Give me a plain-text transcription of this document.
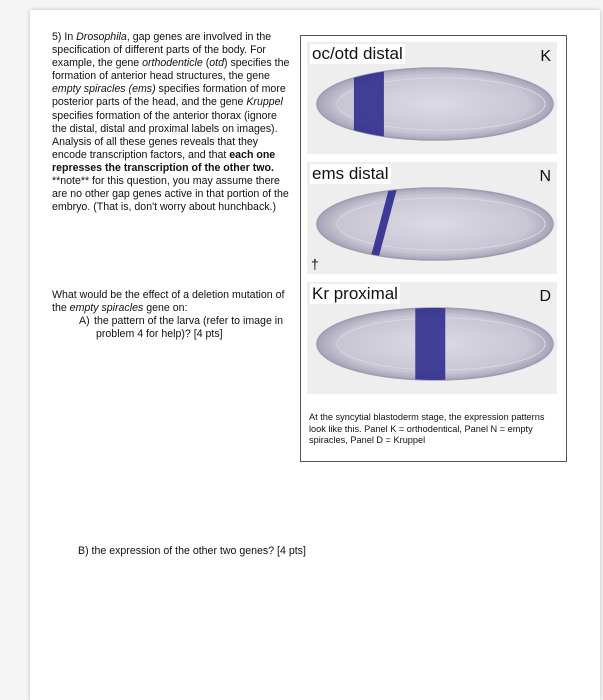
5) In Drosophila, gap genes are involved in the specification of different parts of the body. For example, the gene orthodenticle (otd) specifies the formation of anterior head structures, the gene empty spiracles (ems) specifies formation of more posterior parts of the head, and the gene Kruppel specifies formation of the anterior thorax (ignore the distal, distal and proximal labels on images). Analysis of all these genes reveals that they encode transcription factors, and that each one represses the transcription of the other two.
**note** for this question, you may assume there are no other gap genes active in that portion of the embryo. (That is, don't worry about hunchback.)
What would be the effect of a deletion mutation of the empty spiracles gene on:
A) the pattern of the larva (refer to image in problem 4 for help)? [4 pts]
B) the expression of the other two genes? [4 pts]
oc/otd distal	K
ems distal	N
Kr proximal	D
At the syncytial blastoderm stage, the expression patterns look like this. Panel K = orthodentical, Panel N = empty spiracles, Panel D = Kruppel
†
